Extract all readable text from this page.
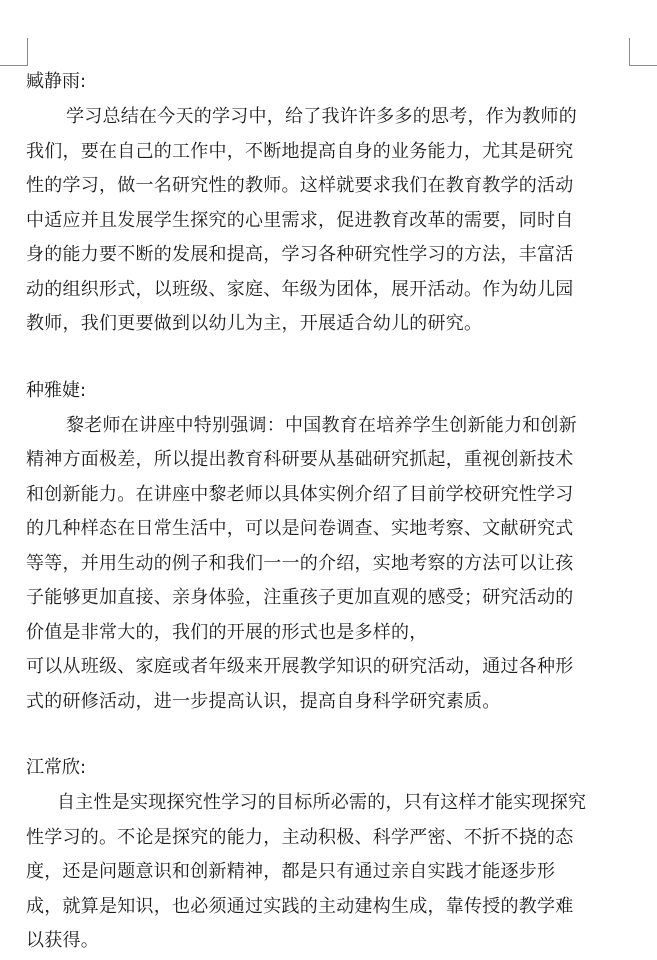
臧静雨:

学习总结在今天的学习中，给了我许许多多的思考，作为教师的

我们，要在自己的工作中，不断地提高自身的业务能力，尤其是研究

性的学习，做一名研究性的教师。这样就要求我们在教育教学的活动

中适应并且发展学生探究的心里需求，促进教育改革的需要，同时自

身的能力要不断的发展和提高，学习各种研究性学习的方法，丰富活

动的组织形式，以班级、家庭、年级为团体，展开活动。作为幼儿园

教师，我们更要做到以幼儿为主，开展适合幼儿的研究。

种雅婕:

黎老师在讲座中特别强调：中国教育在培养学生创新能力和创新

精神方面极差，所以提出教育科研要从基础研究抓起，重视创新技术

和创新能力。在讲座中黎老师以具体实例介绍了目前学校研究性学习

的几种样态在日常生活中，可以是问卷调查、实地考察、文献研究式

等等，并用生动的例子和我们一一的介绍，实地考察的方法可以让孩

子能够更加直接、亲身体验，注重孩子更加直观的感受；研究活动的

价值是非常大的，我们的开展的形式也是多样的，

可以从班级、家庭或者年级来开展教学知识的研究活动，通过各种形

式的研修活动，进一步提高认识，提高自身科学研究素质。

江常欣:

自主性是实现探究性学习的目标所必需的，只有这样才能实现探究

性学习的。不论是探究的能力，主动积极、科学严密、不折不挠的态

度，还是问题意识和创新精神，都是只有通过亲自实践才能逐步形

成，就算是知识，也必须通过实践的主动建构生成，靠传授的教学难

以获得。
